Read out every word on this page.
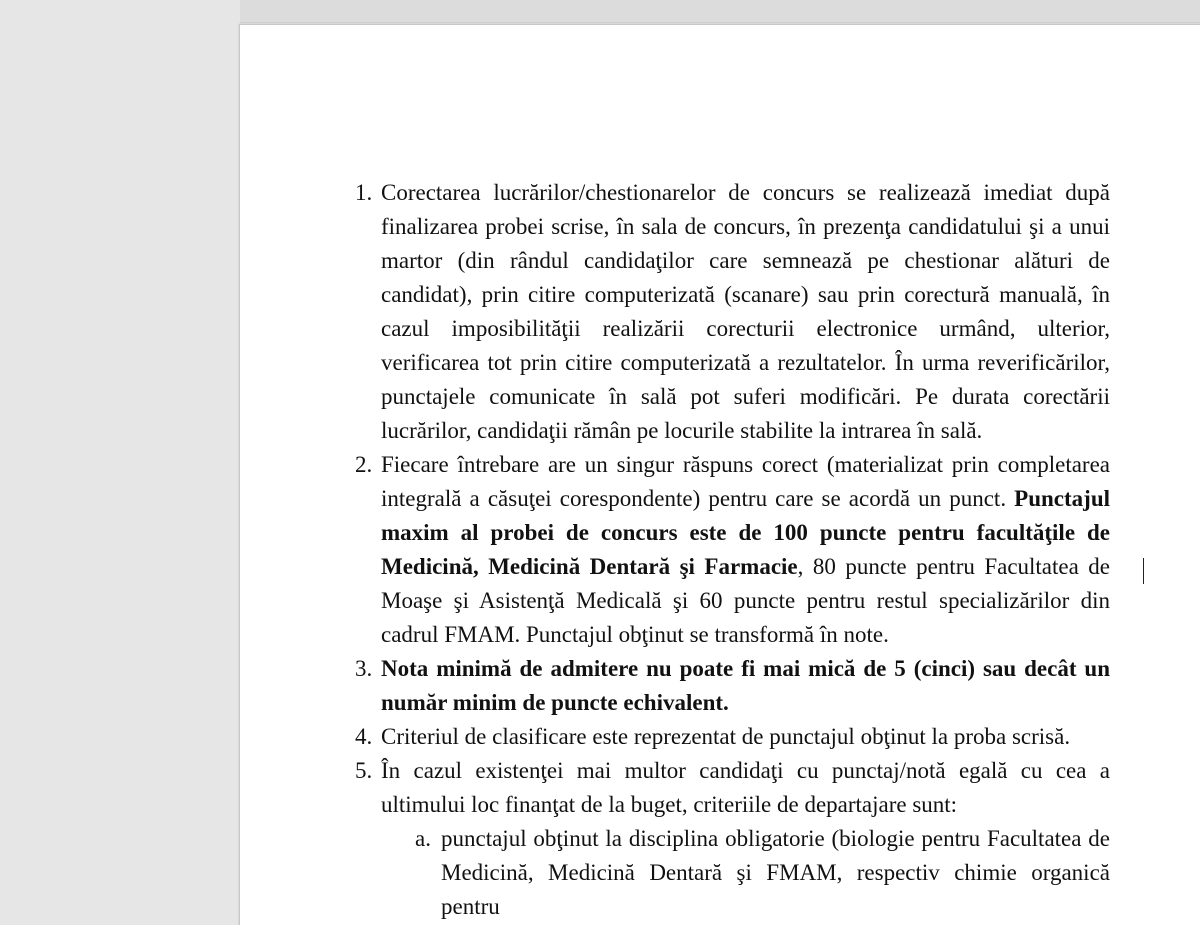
1. Corectarea lucrărilor/chestionarelor de concurs se realizează imediat după finalizarea probei scrise, în sala de concurs, în prezenţa candidatului şi a unui martor (din rândul candidaţilor care semnează pe chestionar alături de candidat), prin citire computerizată (scanare) sau prin corectură manuală, în cazul imposibilităţii realizării corecturii electronice urmând, ulterior, verificarea tot prin citire computerizată a rezultatelor. În urma reverificărilor, punctajele comunicate în sală pot suferi modificări. Pe durata corectării lucrărilor, candidaţii rămân pe locurile stabilite la intrarea în sală.
2. Fiecare întrebare are un singur răspuns corect (materializat prin completarea integrală a căsuţei corespondente) pentru care se acordă un punct. Punctajul maxim al probei de concurs este de 100 puncte pentru facultăţile de Medicină, Medicină Dentară şi Farmacie, 80 puncte pentru Facultatea de Moaşe şi Asistenţă Medicală şi 60 puncte pentru restul specializărilor din cadrul FMAM. Punctajul obţinut se transformă în note.
3. Nota minimă de admitere nu poate fi mai mică de 5 (cinci) sau decât un număr minim de puncte echivalent.
4. Criteriul de clasificare este reprezentat de punctajul obţinut la proba scrisă.
5. În cazul existenţei mai multor candidaţi cu punctaj/notă egală cu cea a ultimului loc finanţat de la buget, criteriile de departajare sunt:
a. punctajul obţinut la disciplina obligatorie (biologie pentru Facultatea de Medicină, Medicină Dentară şi FMAM, respectiv chimie organică pentru
